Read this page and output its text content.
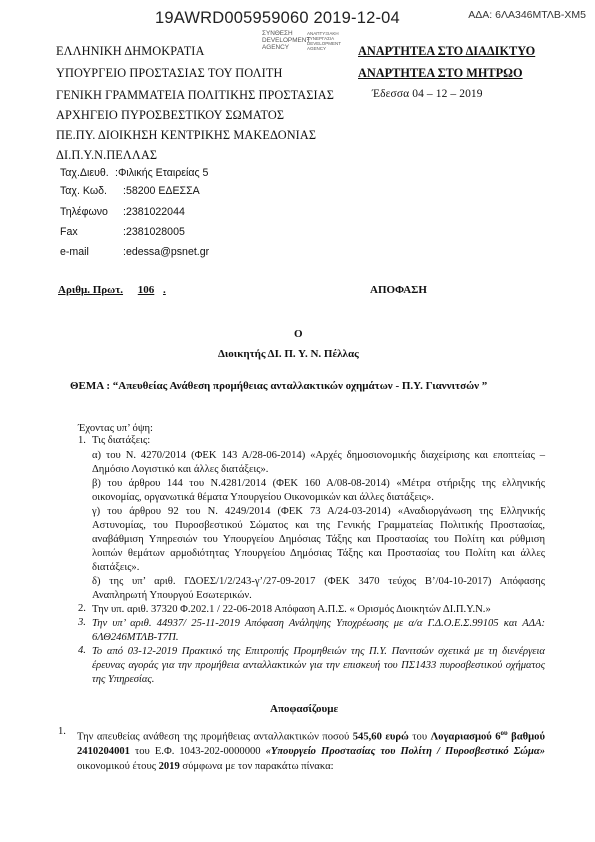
19AWRD005959060 2019-12-04	ΑΔΑ: 6ΛΑ346ΜΤΛΒ-ΧΜ5
ΣΥΝΘΕΣΗ
DEVELOPMENT
AGENCY
ΑΝΑΠΤΥΞΙΑΚΗ
ΣΥΝΕΡΓΑΣΙΑ
DEVELOPMENT
AGENCY
ΕΛΛΗΝΙΚΗ ΔΗΜΟΚΡΑΤΙΑ
ΥΠΟΥΡΓΕΙΟ ΠΡΟΣΤΑΣΙΑΣ ΤΟΥ ΠΟΛΙΤΗ
ΓΕΝΙΚΗ ΓΡΑΜΜΑΤΕΙΑ ΠΟΛΙΤΙΚΗΣ ΠΡΟΣΤΑΣΙΑΣ
ΑΡΧΗΓΕΙΟ ΠΥΡΟΣΒΕΣΤΙΚΟΥ ΣΩΜΑΤΟΣ
ΠΕ.ΠΥ. ΔΙΟΙΚΗΣΗ ΚΕΝΤΡΙΚΗΣ ΜΑΚΕΔΟΝΙΑΣ
ΔΙ.Π.Υ.Ν.ΠΕΛΛΑΣ
ΑΝΑΡΤΗΤΕΑ ΣΤΟ ΔΙΑΔΙΚΤΥΟ
ΑΝΑΡΤΗΤΕΑ ΣΤΟ ΜΗΤΡΩΟ
Έδεσσα 04 – 12 – 2019
Ταχ.Διευθ. :Φιλικής Εταιρείας 5
Ταχ. Κωδ. :58200 ΕΔΕΣΣΑ
Τηλέφωνο :2381022044
Fax	:2381028005
e-mail	:edessa@psnet.gr
Αριθμ. Πρωτ. 106 .	ΑΠΟΦΑΣΗ
Ο
Διοικητής ΔΙ. Π. Υ. Ν. Πέλλας
ΘΕΜΑ : “Απευθείας Ανάθεση προμήθειας ανταλλακτικών οχημάτων - Π.Υ. Γιαννιτσών ”
Έχοντας υπ’ όψη:
1. Τις διατάξεις:
α) του Ν. 4270/2014 (ΦΕΚ 143 Α/28-06-2014) «Αρχές δημοσιονομικής διαχείρισης και εποπτείας – Δημόσιο Λογιστικό και άλλες διατάξεις».
β) του άρθρου 144 του Ν.4281/2014 (ΦΕΚ 160 Α/08-08-2014) «Μέτρα στήριξης της ελληνικής οικονομίας, οργανωτικά θέματα Υπουργείου Οικονομικών και άλλες διατάξεις».
γ) του άρθρου 92 του Ν. 4249/2014 (ΦΕΚ 73 Α/24-03-2014) «Αναδιοργάνωση της Ελληνικής Αστυνομίας, του Πυροσβεστικού Σώματος και της Γενικής Γραμματείας Πολιτικής Προστασίας, αναβάθμιση Υπηρεσιών του Υπουργείου Δημόσιας Τάξης και Προστασίας του Πολίτη και ρύθμιση λοιπών θεμάτων αρμοδιότητας Υπουργείου Δημόσιας Τάξης και Προστασίας του Πολίτη και άλλες διατάξεις».
δ) της υπ’ αριθ. ΓΔΟΕΣ/1/2/243-γ’/27-09-2017 (ΦΕΚ 3470 τεύχος Β’/04-10-2017) Απόφασης Αναπληρωτή Υπουργού Εσωτερικών.
2. Την υπ. αριθ. 37320 Φ.202.1 / 22-06-2018 Απόφαση Α.Π.Σ. « Ορισμός Διοικητών ΔΙ.Π.Υ.Ν.»
3. Την υπ’ αριθ. 44937/ 25-11-2019 Απόφαση Ανάληψης Υποχρέωσης με α/α Γ.Δ.Ο.Ε.Σ.99105 και ΑΔΑ: 6ΛΘ246ΜΤΛΒ-Τ7Π.
4. Το από 03-12-2019 Πρακτικό της Επιτροπής Προμηθειών της Π.Υ. Πανιτσών σχετικά με τη διενέργεια έρευνας αγοράς για την προμήθεια ανταλλακτικών για την επισκευή του ΠΣ1433 πυροσβεστικού οχήματος της Υπηρεσίας.
Αποφασίζουμε
1.
Την απευθείας ανάθεση της προμήθειας ανταλλακτικών ποσού 545,60 ευρώ του Λογαριασμού $6^{o\upsilon}$ βαθμού 2410204001 του Ε.Φ. 1043-202-0000000 «Υπουργείο Προστασίας του Πολίτη / Πυροσβεστικό Σώμα» οικονομικού έτους 2019 σύμφωνα με τον παρακάτω πίνακα:
